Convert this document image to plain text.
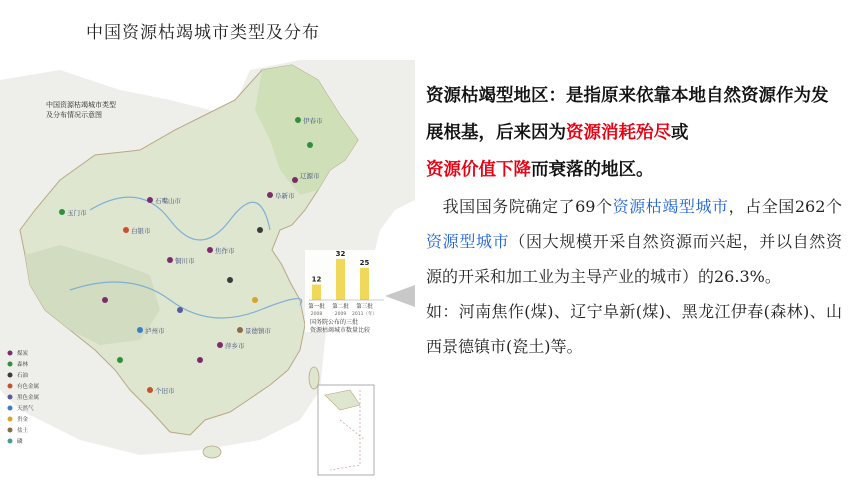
中国资源枯竭城市类型及分布
玉门市
石嘴山市
白银市
铜川市
伊春市
辽源市
阜新市
焦作市
景德镇市
萍乡市
个旧市
泸州市
中国资源枯竭城市类型
及分布情况示意图
煤炭
森林
石油
有色金属
黑色金属
天然气
贵金
盐土
磷
12
第一批
2008
32
第二批
2009
25
第三批
2011（年）
国务院公布的三批
资源枯竭城市数量比较
资源枯竭型地区：是指原来依靠本地自然资源作为发展根基，后来因为资源消耗殆尽或
资源价值下降而衰落的地区。
　我国国务院确定了69个资源枯竭型城市，占全国262个资源型城市（因大规模开采自然资源而兴起，并以自然资源的开采和加工业为主导产业的城市）的26.3%。
如：河南焦作(煤)、辽宁阜新(煤)、黑龙江伊春(森林)、山西景德镇市(瓷土)等。
